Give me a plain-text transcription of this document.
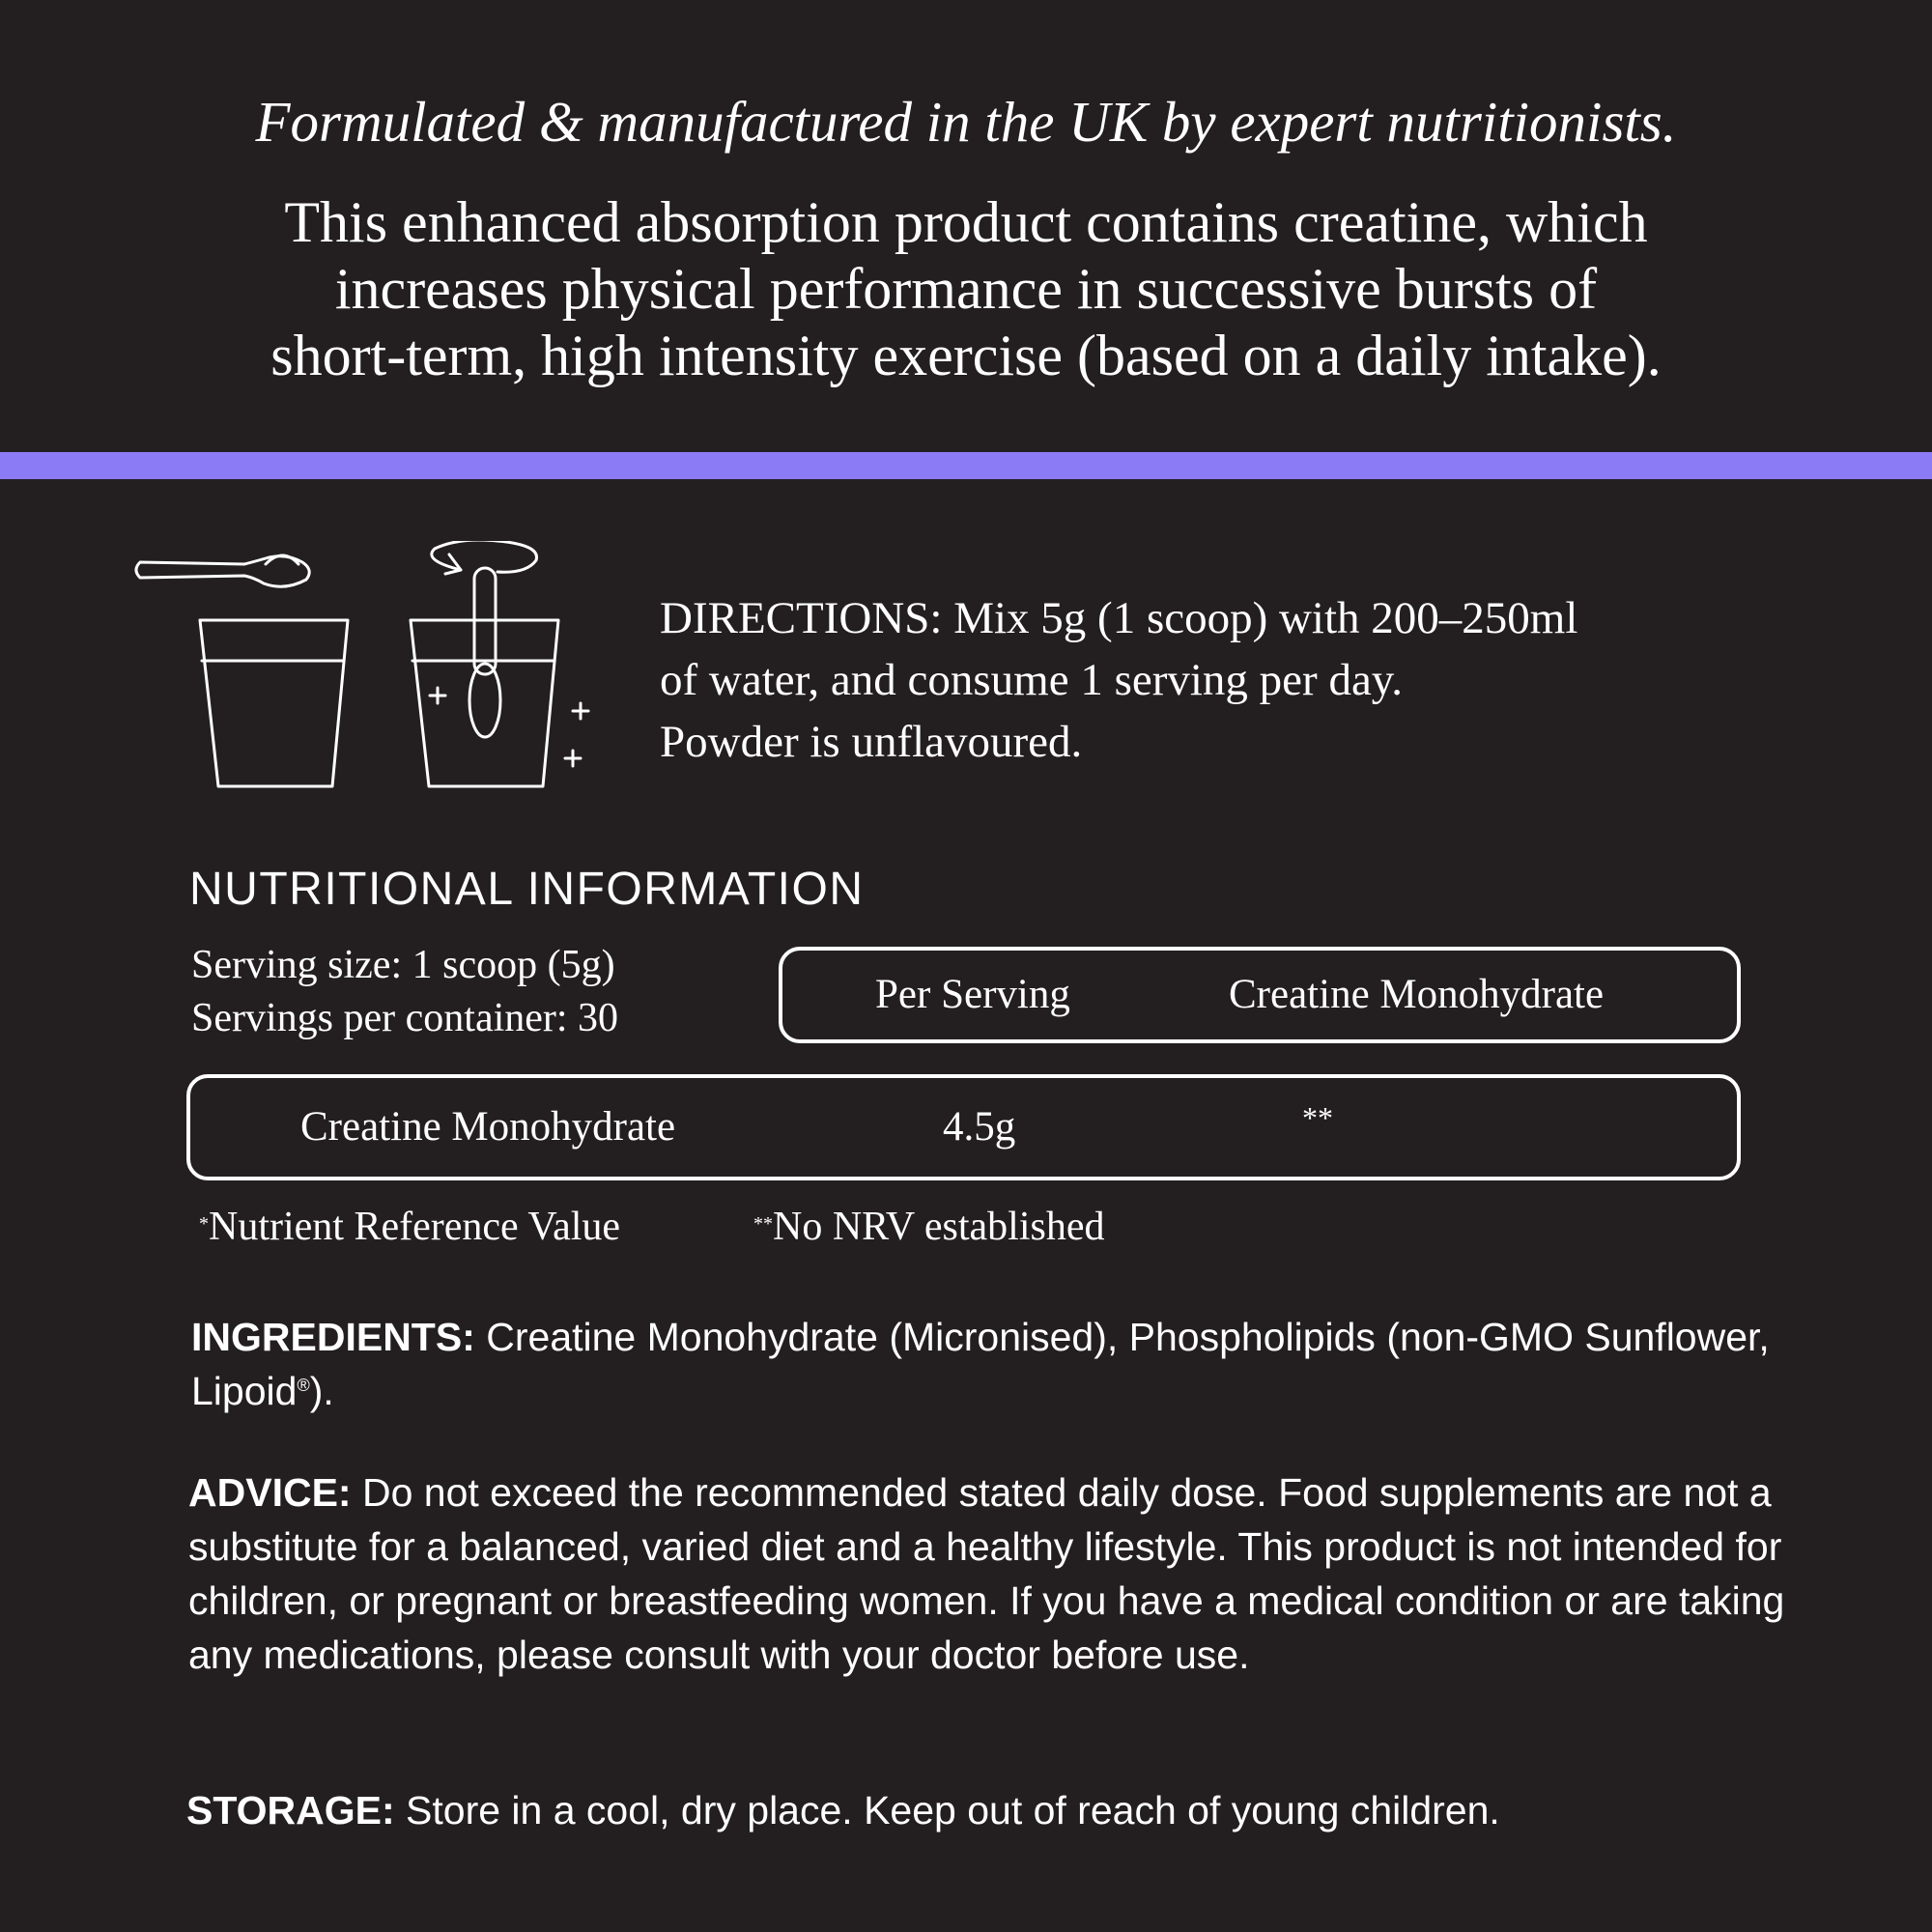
Formulated & manufactured in the UK by expert nutritionists.
This enhanced absorption product contains creatine, which
increases physical performance in successive bursts of
short-term, high intensity exercise (based on a daily intake).
DIRECTIONS: Mix 5g (1 scoop) with 200–250ml
of water, and consume 1 serving per day.
Powder is unflavoured.
NUTRITIONAL INFORMATION
Serving size: 1 scoop (5g)
Servings per container: 30
Per Serving	Creatine Monohydrate
Creatine Monohydrate	4.5g	**
*Nutrient Reference Value	**No NRV established
INGREDIENTS: Creatine Monohydrate (Micronised), Phospholipids (non-GMO Sunflower, Lipoid®).
ADVICE: Do not exceed the recommended stated daily dose. Food supplements are not a substitute for a balanced, varied diet and a healthy lifestyle. This product is not intended for children, or pregnant or breastfeeding women. If you have a medical condition or are taking any medications, please consult with your doctor before use.
STORAGE: Store in a cool, dry place. Keep out of reach of young children.
